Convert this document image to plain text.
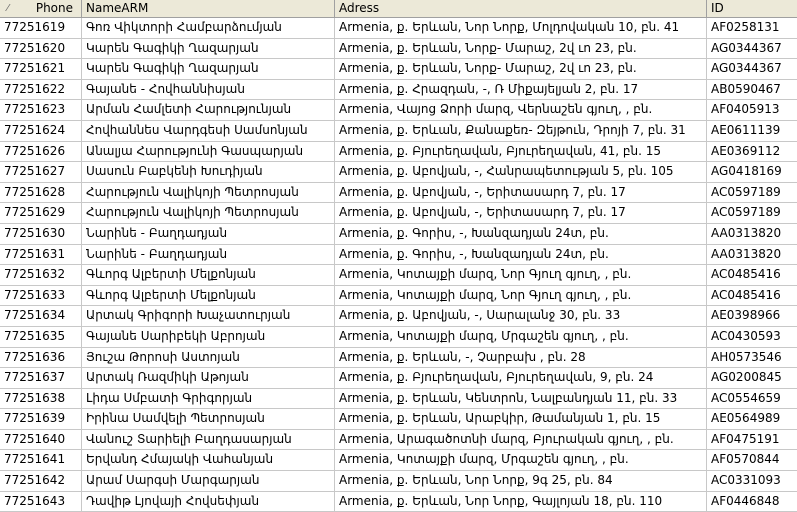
⁄ Phone	NameARM	Adress	ID
77251619	Գոռ Վիկտորի Համբարձումյան	Armenia, ք. Երևան, Նոր Նորք, Մոլդովական 10, բն. 41	AF0258131
77251620	Կարեն Գագիկի Ղազարյան	Armenia, ք. Երևան, Նորք- Մարաշ, 2վ ւո 23, բն.	AG0344367
77251621	Կարեն Գագիկի Ղազարյան	Armenia, ք. Երևան, Նորք- Մարաշ, 2վ ւո 23, բն.	AG0344367
77251622	Գայանե - Հովհաննիսյան	Armenia, ք. Հրազդան, -, Ռ Միքայելյան 2, բն. 17	AB0590467
77251623	Արման Համլետի Հարությունյան	Armenia, Վայոց Ձորի մարզ, Վերնաշեն գյուղ, , բն.	AF0405913
77251624	Հովհաննես Վարդգեսի Սամսոնյան	Armenia, ք. Երևան, Քանաքեռ- Զեյթուն, Դրոյի 7, բն. 31	AE0611139
77251626	Անալյա Հարությունի Գասպարյան	Armenia, ք. Բյուրեղավան, Բյուրեղավան, 41, բն. 15	AE0369112
77251627	Սասուն Բաբկենի Խուդիյան	Armenia, ք. Աբովյան, -, Հանրապետության 5, բն. 105	AG0418169
77251628	Հարություն Վալիկոյի Պետրոսյան	Armenia, ք. Աբովյան, -, Երիտասարդ 7, բն. 17	AC0597189
77251629	Հարություն Վալիկոյի Պետրոսյան	Armenia, ք. Աբովյան, -, Երիտասարդ 7, բն. 17	AC0597189
77251630	Նարինե - Բաղդադյան	Armenia, ք. Գորիս, -, Խանզադյան 24տ, բն.	AA0313820
77251631	Նարինե - Բաղդադյան	Armenia, ք. Գորիս, -, Խանզադյան 24տ, բն.	AA0313820
77251632	Գևորգ Ալբերտի Մելքոնյան	Armenia, Կոտայքի մարզ, Նոր Գյուղ գյուղ, , բն.	AC0485416
77251633	Գևորգ Ալբերտի Մելքոնյան	Armenia, Կոտայքի մարզ, Նոր Գյուղ գյուղ, , բն.	AC0485416
77251634	Արտակ Գրիգորի Խաչատուրյան	Armenia, ք. Աբովյան, -, Սարալանջ 30, բն. 33	AE0398966
77251635	Գայանե Սարիբեկի Աբրոյան	Armenia, Կոտայքի մարզ, Մրգաշեն գյուղ, , բն.	AC0430593
77251636	Յուշա Թորոսի Աստոյան	Armenia, ք. Երևան, -, Չարբախ , բն. 28	AH0573546
77251637	Արտակ Ռազմիկի Աթոյան	Armenia, ք. Բյուրեղավան, Բյուրեղավան, 9, բն. 24	AG0200845
77251638	Լիդա Սմբատի Գրիգորյան	Armenia, ք. Երևան, Կենտրոն, Նալբանդյան 11, բն. 33	AC0554659
77251639	Իրինա Սամվելի Պետրոսյան	Armenia, ք. Երևան, Արաբկիր, Թամանյան 1, բն. 15	AE0564989
77251640	Վանուշ Տարիելի Բաղդասարյան	Armenia, Արագածոտնի մարզ, Բյուրական գյուղ, , բն.	AF0475191
77251641	Երվանդ Հմայակի Վահանյան	Armenia, Կոտայքի մարզ, Մրգաշեն գյուղ, , բն.	AF0570844
77251642	Արամ Սարգսի Մարգարյան	Armenia, ք. Երևան, Նոր Նորք, 9գ 25, բն. 84	AC0331093
77251643	Դավիթ Լյովայի Հովսեփյան	Armenia, ք. Երևան, Նոր Նորք, Գայլոյան 18, բն. 110	AF0446848
